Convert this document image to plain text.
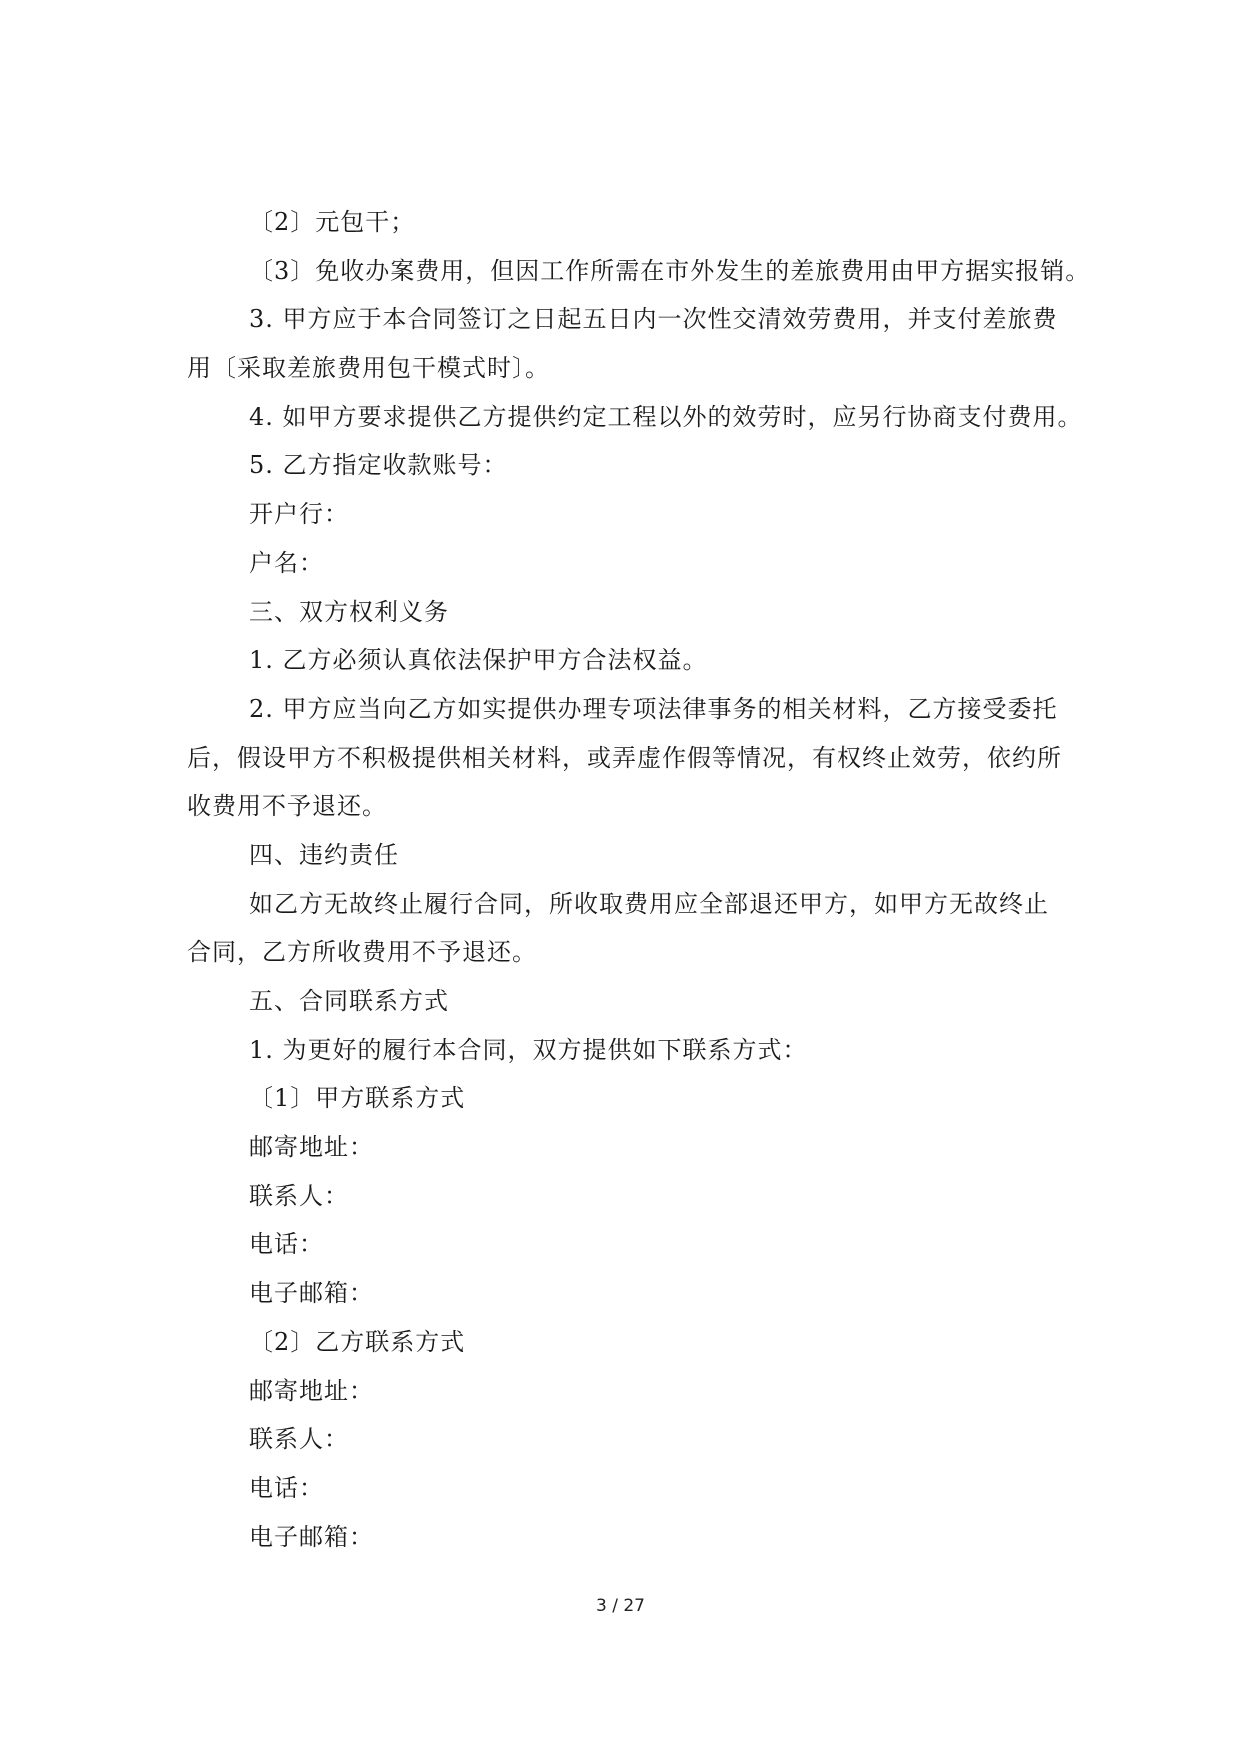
〔2〕元包干；
〔3〕免收办案费用，但因工作所需在市外发生的差旅费用由甲方据实报销。
3. 甲方应于本合同签订之日起五日内一次性交清效劳费用，并支付差旅费
用〔采取差旅费用包干模式时〕。
4. 如甲方要求提供乙方提供约定工程以外的效劳时，应另行协商支付费用。
5. 乙方指定收款账号：
开户行：
户名：
三、双方权利义务
1. 乙方必须认真依法保护甲方合法权益。
2. 甲方应当向乙方如实提供办理专项法律事务的相关材料，乙方接受委托
后，假设甲方不积极提供相关材料，或弄虚作假等情况，有权终止效劳，依约所
收费用不予退还。
四、违约责任
如乙方无故终止履行合同，所收取费用应全部退还甲方，如甲方无故终止
合同，乙方所收费用不予退还。
五、合同联系方式
1. 为更好的履行本合同，双方提供如下联系方式：
〔1〕甲方联系方式
邮寄地址：
联系人：
电话：
电子邮箱：
〔2〕乙方联系方式
邮寄地址：
联系人：
电话：
电子邮箱：
3 / 27
